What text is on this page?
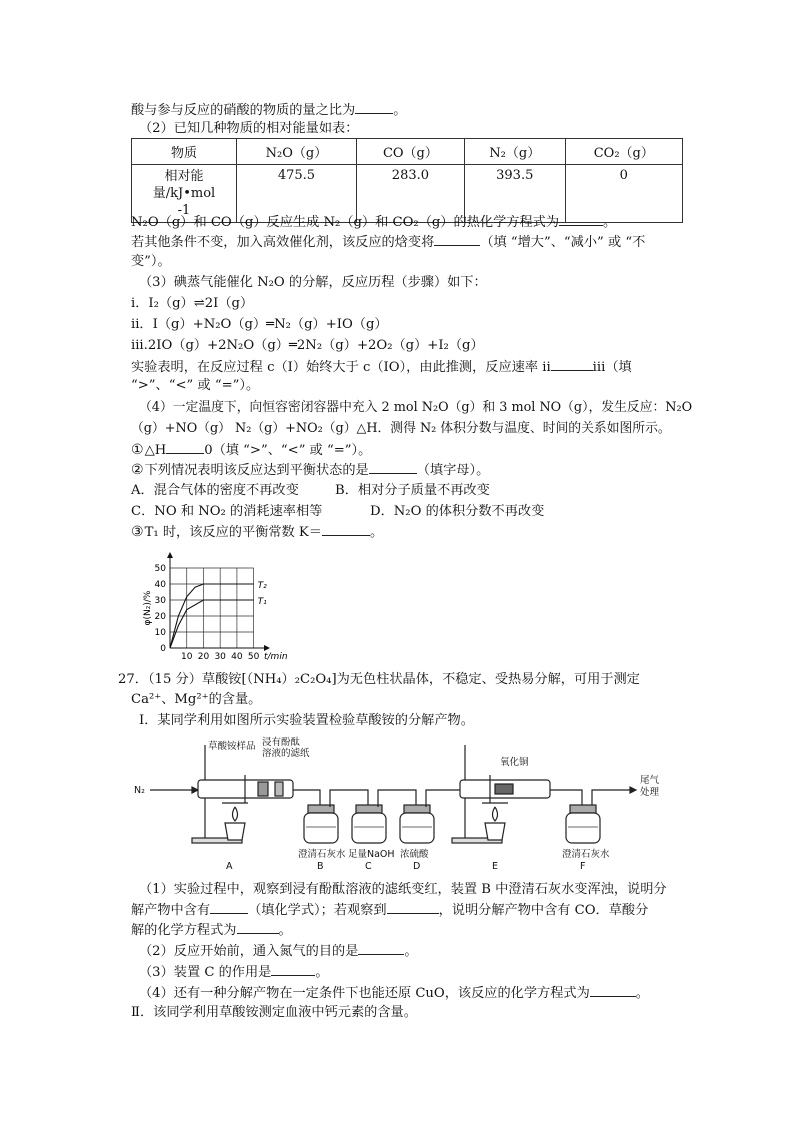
酸与参与反应的硝酸的物质的量之比为	。
（2）已知几种物质的相对能量如表：
物质	N₂O（g）	CO（g）	N₂（g）	CO₂（g）
相对能量/kJ•mol
-1	475.5	283.0	393.5	0
N₂O（g）和 CO（g）反应生成 N₂（g）和 CO₂（g）的热化学方程式为	。
若其他条件不变，加入高效催化剂，该反应的焓变将	（填 “增大”、“减小” 或 “不
变”）。
（3）碘蒸气能催化 N₂O 的分解，反应历程（步骤）如下：
i．I₂（g）⇌2I（g）
ii．I（g）+N₂O（g）═N₂（g）+IO（g）
iii.2IO（g）+2N₂O（g）═2N₂（g）+2O₂（g）+I₂（g）
实验表明，在反应过程 c（I）始终大于 c（IO），由此推测，反应速率 ii	iii（填
“>”、“<” 或 “=”）。
（4）一定温度下，向恒容密闭容器中充入 2 mol N₂O（g）和 3 mol NO（g），发生反应：N₂O
（g）+NO（g） N₂（g）+NO₂（g）△H．测得 N₂ 体积分数与温度、时间的关系如图所示。
①△H	0（填 “>”、“<” 或 “=”）。
②下列情况表明该反应达到平衡状态的是	（填字母）。
A．混合气体的密度不再改变	B．相对分子质量不再改变
C．NO 和 NO₂ 的消耗速率相等	D．N₂O 的体积分数不再改变
③T₁ 时，该反应的平衡常数 K＝	。
0
10
20
30
40
50
10 20 30 40 50 t/min
φ(N₂)/%
T₂
T₁
27．（15 分）草酸铵[（NH₄）₂C₂O₄]为无色柱状晶体，不稳定、受热易分解，可用于测定
Ca²⁺、Mg²⁺的含量。
Ⅰ．某同学利用如图所示实验装置检验草酸铵的分解产物。
N₂
草酸铵样品 浸有酚酞
溶液的滤纸
氧化铜
尾气
处理
澄清石灰水 足量NaOH 浓硫酸	澄清石灰水
A	B	C	D	E	F
（1）实验过程中，观察到浸有酚酞溶液的滤纸变红，装置 B 中澄清石灰水变浑浊，说明分
解产物中含有	（填化学式）；若观察到	，说明分解产物中含有 CO．草酸分
解的化学方程式为	。
（2）反应开始前，通入氮气的目的是	。
（3）装置 C 的作用是	。
（4）还有一种分解产物在一定条件下也能还原 CuO，该反应的化学方程式为	。
Ⅱ．该同学利用草酸铵测定血液中钙元素的含量。
